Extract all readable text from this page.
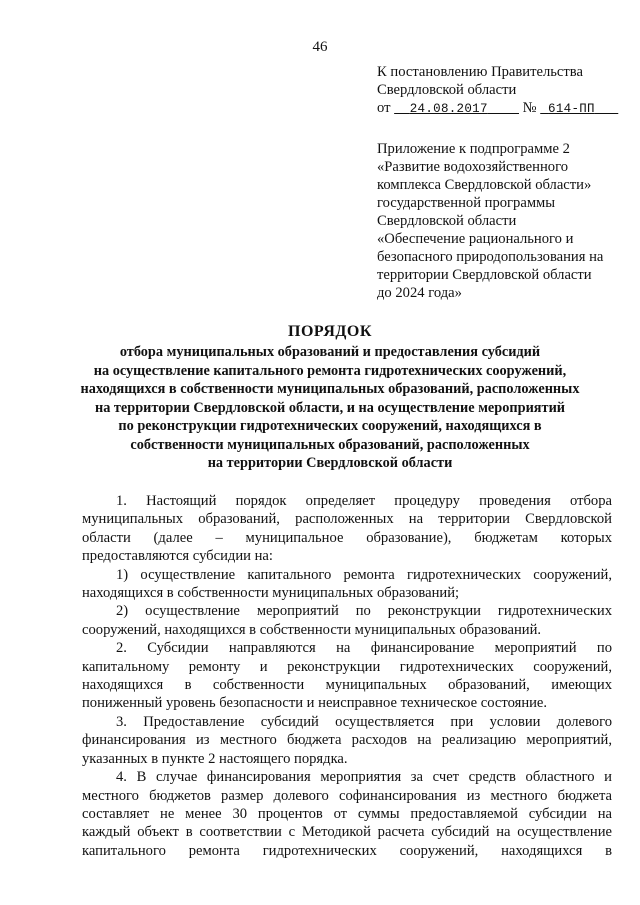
46
К постановлению Правительства
Свердловской области
от 24.08.2017 № 614-ПП
Приложение к подпрограмме 2
«Развитие водохозяйственного
комплекса Свердловской области»
государственной программы
Свердловской области
«Обеспечение рационального и
безопасного природопользования на
территории Свердловской области
до 2024 года»
ПОРЯДОК
отбора муниципальных образований и предоставления субсидий
на осуществление капитального ремонта гидротехнических сооружений,
находящихся в собственности муниципальных образований, расположенных
на территории Свердловской области, и на осуществление мероприятий
по реконструкции гидротехнических сооружений, находящихся в
собственности муниципальных образований, расположенных
на территории Свердловской области
1. Настоящий порядок определяет процедуру проведения отбора
муниципальных образований, расположенных на территории Свердловской
области (далее – муниципальное образование), бюджетам которых
предоставляются субсидии на:
1) осуществление капитального ремонта гидротехнических сооружений,
находящихся в собственности муниципальных образований;
2) осуществление мероприятий по реконструкции гидротехнических
сооружений, находящихся в собственности муниципальных образований.
2. Субсидии направляются на финансирование мероприятий по
капитальному ремонту и реконструкции гидротехнических сооружений,
находящихся в собственности муниципальных образований, имеющих
пониженный уровень безопасности и неисправное техническое состояние.
3. Предоставление субсидий осуществляется при условии долевого
финансирования из местного бюджета расходов на реализацию мероприятий,
указанных в пункте 2 настоящего порядка.
4. В случае финансирования мероприятия за счет средств областного и
местного бюджетов размер долевого софинансирования из местного бюджета
составляет не менее 30 процентов от суммы предоставляемой субсидии на
каждый объект в соответствии с Методикой расчета субсидий на осуществление
капитального ремонта гидротехнических сооружений, находящихся в
